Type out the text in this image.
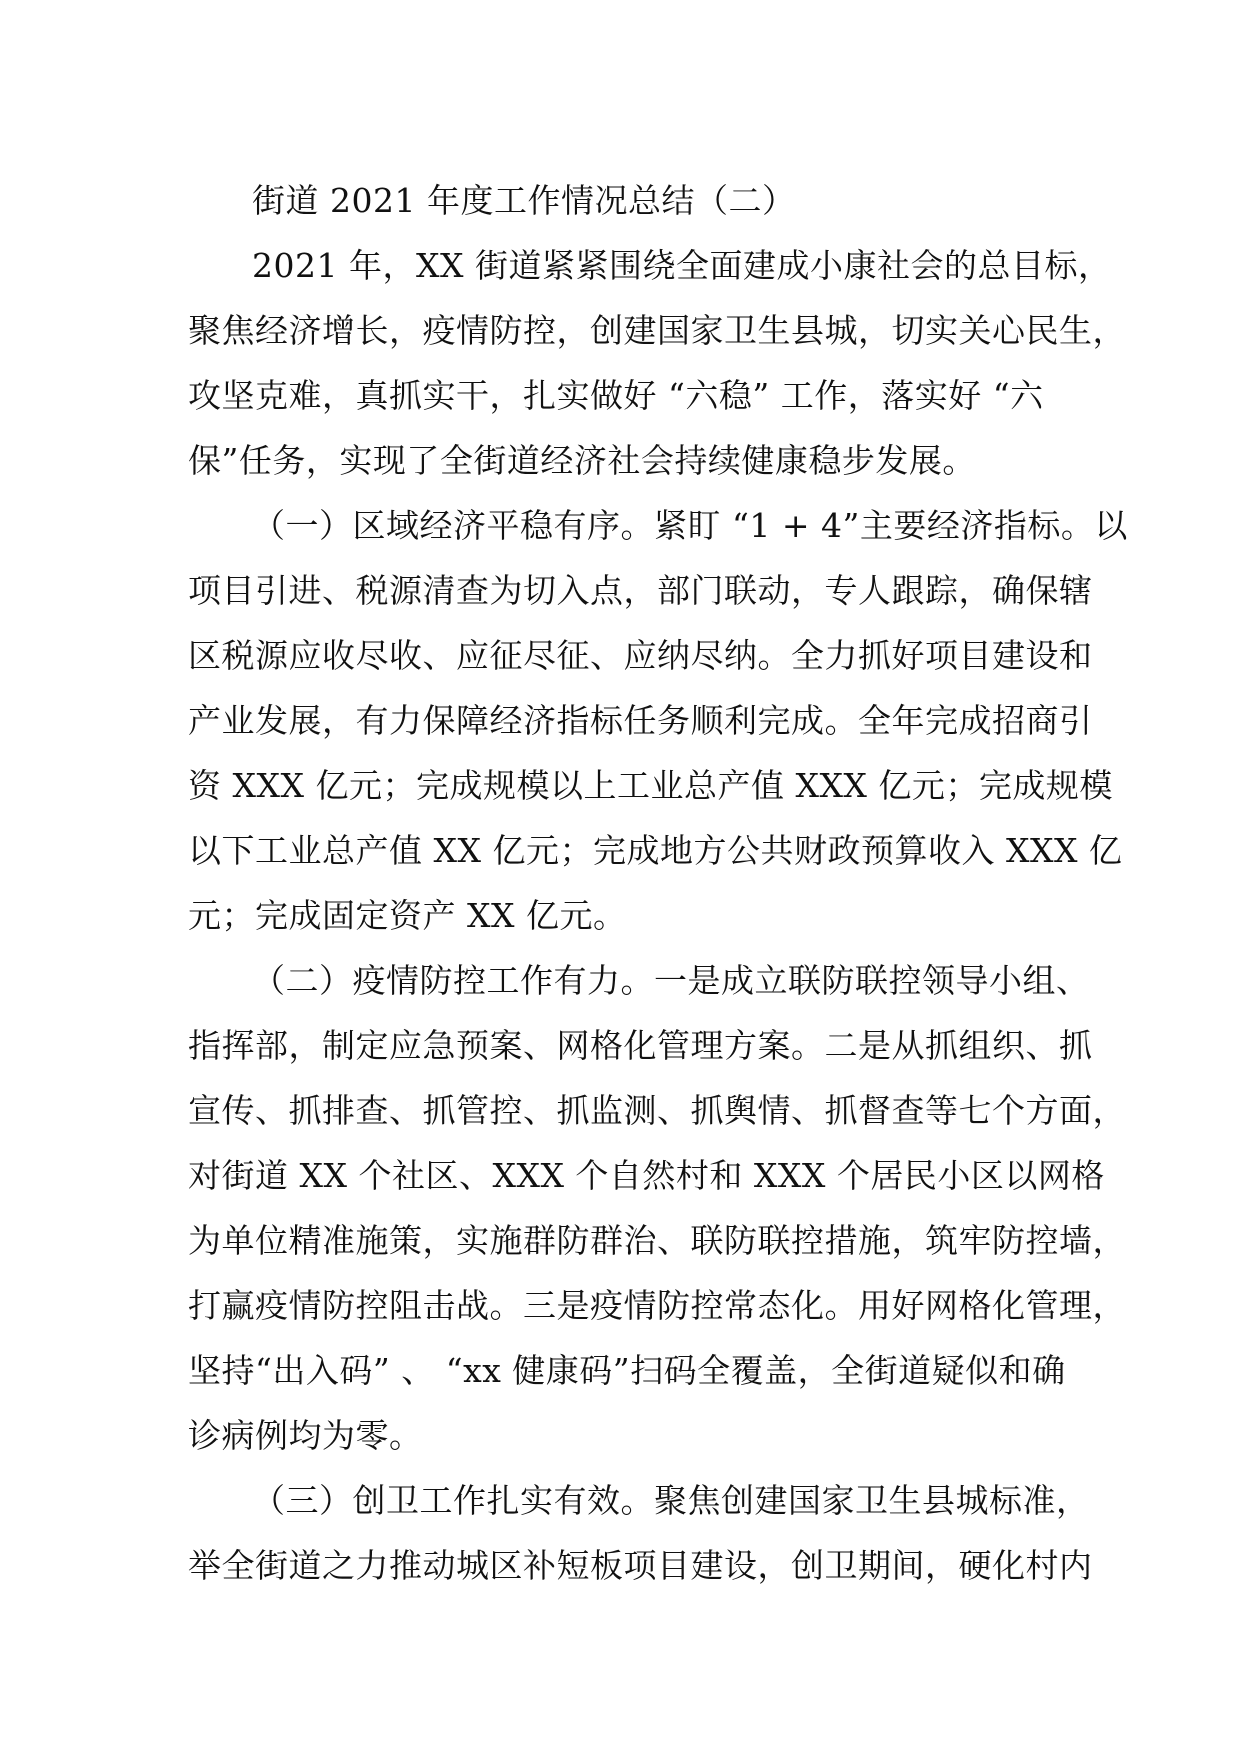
街道 2021 年度工作情况总结（二）
2021 年，XX 街道紧紧围绕全面建成小康社会的总目标，
聚焦经济增长，疫情防控，创建国家卫生县城，切实关心民生，
攻坚克难，真抓实干，扎实做好 “六稳” 工作，落实好 “六
保”任务，实现了全街道经济社会持续健康稳步发展。
（一）区域经济平稳有序。紧盯 “1 + 4”主要经济指标。以
项目引进、税源清查为切入点，部门联动，专人跟踪，确保辖
区税源应收尽收、应征尽征、应纳尽纳。全力抓好项目建设和
产业发展，有力保障经济指标任务顺利完成。全年完成招商引
资 XXX 亿元；完成规模以上工业总产值 XXX 亿元；完成规模
以下工业总产值 XX 亿元；完成地方公共财政预算收入 XXX 亿
元；完成固定资产 XX 亿元。
（二）疫情防控工作有力。一是成立联防联控领导小组、
指挥部，制定应急预案、网格化管理方案。二是从抓组织、抓
宣传、抓排查、抓管控、抓监测、抓舆情、抓督查等七个方面，
对街道 XX 个社区、XXX 个自然村和 XXX 个居民小区以网格
为单位精准施策，实施群防群治、联防联控措施，筑牢防控墙，
打赢疫情防控阻击战。三是疫情防控常态化。用好网格化管理，
坚持“出入码” 、 “xx 健康码”扫码全覆盖，全街道疑似和确
诊病例均为零。
（三）创卫工作扎实有效。聚焦创建国家卫生县城标准，
举全街道之力推动城区补短板项目建设，创卫期间，硬化村内
